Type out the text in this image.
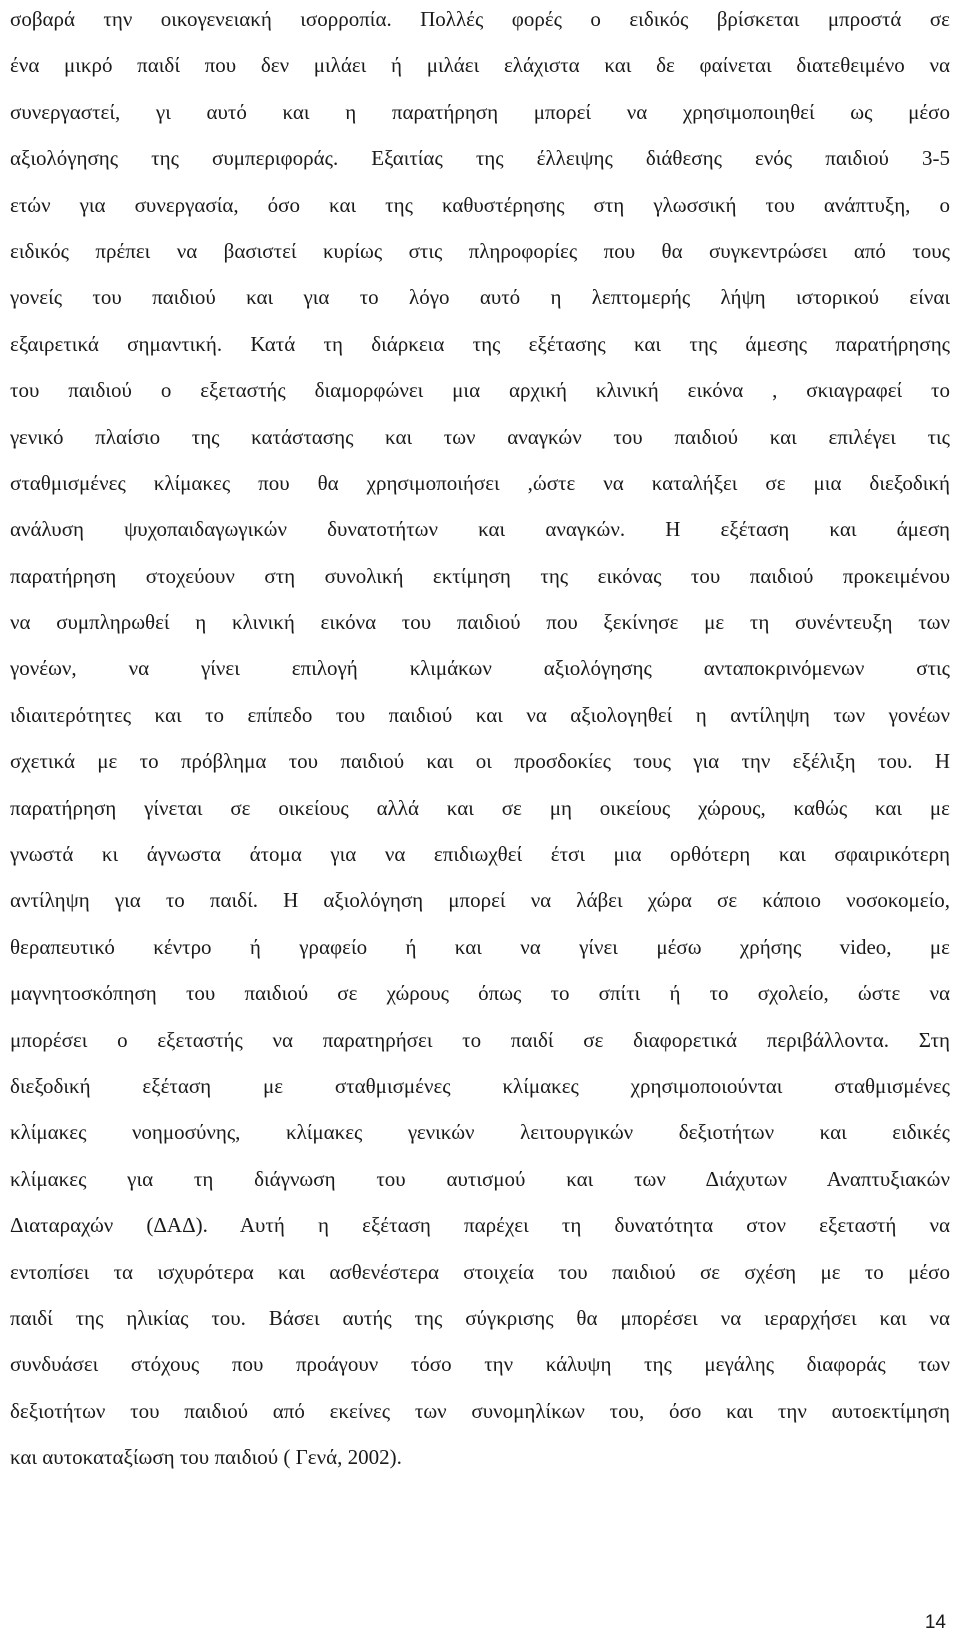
σοβαρά την οικογενειακή ισορροπία. Πολλές φορές ο ειδικός βρίσκεται μπροστά σε
ένα μικρό παιδί που δεν μιλάει ή μιλάει ελάχιστα και δε φαίνεται διατεθειμένο να
συνεργαστεί, γι αυτό και η παρατήρηση μπορεί να χρησιμοποιηθεί ως μέσο
αξιολόγησης της συμπεριφοράς. Εξαιτίας της έλλειψης διάθεσης ενός παιδιού 3-5
ετών για συνεργασία, όσο και της καθυστέρησης στη γλωσσική του ανάπτυξη, ο
ειδικός πρέπει να βασιστεί κυρίως στις πληροφορίες που θα συγκεντρώσει από τους
γονείς του παιδιού και για το λόγο αυτό η λεπτομερής λήψη ιστορικού είναι
εξαιρετικά σημαντική. Κατά τη διάρκεια της εξέτασης και της άμεσης παρατήρησης
του παιδιού ο εξεταστής διαμορφώνει μια αρχική κλινική εικόνα , σκιαγραφεί το
γενικό πλαίσιο της κατάστασης και των αναγκών του παιδιού και επιλέγει τις
σταθμισμένες κλίμακες που θα χρησιμοποιήσει ,ώστε να καταλήξει σε μια διεξοδική
ανάλυση ψυχοπαιδαγωγικών δυνατοτήτων και αναγκών. Η εξέταση και άμεση
παρατήρηση στοχεύουν στη συνολική εκτίμηση της εικόνας του παιδιού προκειμένου
να συμπληρωθεί η κλινική εικόνα του παιδιού που ξεκίνησε με τη συνέντευξη των
γονέων, να γίνει επιλογή κλιμάκων αξιολόγησης ανταποκρινόμενων στις
ιδιαιτερότητες και το επίπεδο του παιδιού και να αξιολογηθεί η αντίληψη των γονέων
σχετικά με το πρόβλημα του παιδιού και οι προσδοκίες τους για την εξέλιξη του. Η
παρατήρηση γίνεται σε οικείους αλλά και σε μη οικείους χώρους, καθώς και με
γνωστά κι άγνωστα άτομα για να επιδιωχθεί έτσι μια ορθότερη και σφαιρικότερη
αντίληψη για το παιδί. Η αξιολόγηση μπορεί να λάβει χώρα σε κάποιο νοσοκομείο,
θεραπευτικό κέντρο ή γραφείο ή και να γίνει μέσω χρήσης video, με
μαγνητοσκόπηση του παιδιού σε χώρους όπως το σπίτι ή το σχολείο, ώστε να
μπορέσει ο εξεταστής να παρατηρήσει το παιδί σε διαφορετικά περιβάλλοντα. Στη
διεξοδική εξέταση με σταθμισμένες κλίμακες χρησιμοποιούνται σταθμισμένες
κλίμακες νοημοσύνης, κλίμακες γενικών λειτουργικών δεξιοτήτων και ειδικές
κλίμακες για τη διάγνωση του αυτισμού και των Διάχυτων Αναπτυξιακών
Διαταραχών (ΔΑΔ). Αυτή η εξέταση παρέχει τη δυνατότητα στον εξεταστή να
εντοπίσει τα ισχυρότερα και ασθενέστερα στοιχεία του παιδιού σε σχέση με το μέσο
παιδί της ηλικίας του. Βάσει αυτής της σύγκρισης θα μπορέσει να ιεραρχήσει και να
συνδυάσει στόχους που προάγουν τόσο την κάλυψη της μεγάλης διαφοράς των
δεξιοτήτων του παιδιού από εκείνες των συνομηλίκων του, όσο και την αυτοεκτίμηση
και αυτοκαταξίωση του παιδιού ( Γενά, 2002).
14
